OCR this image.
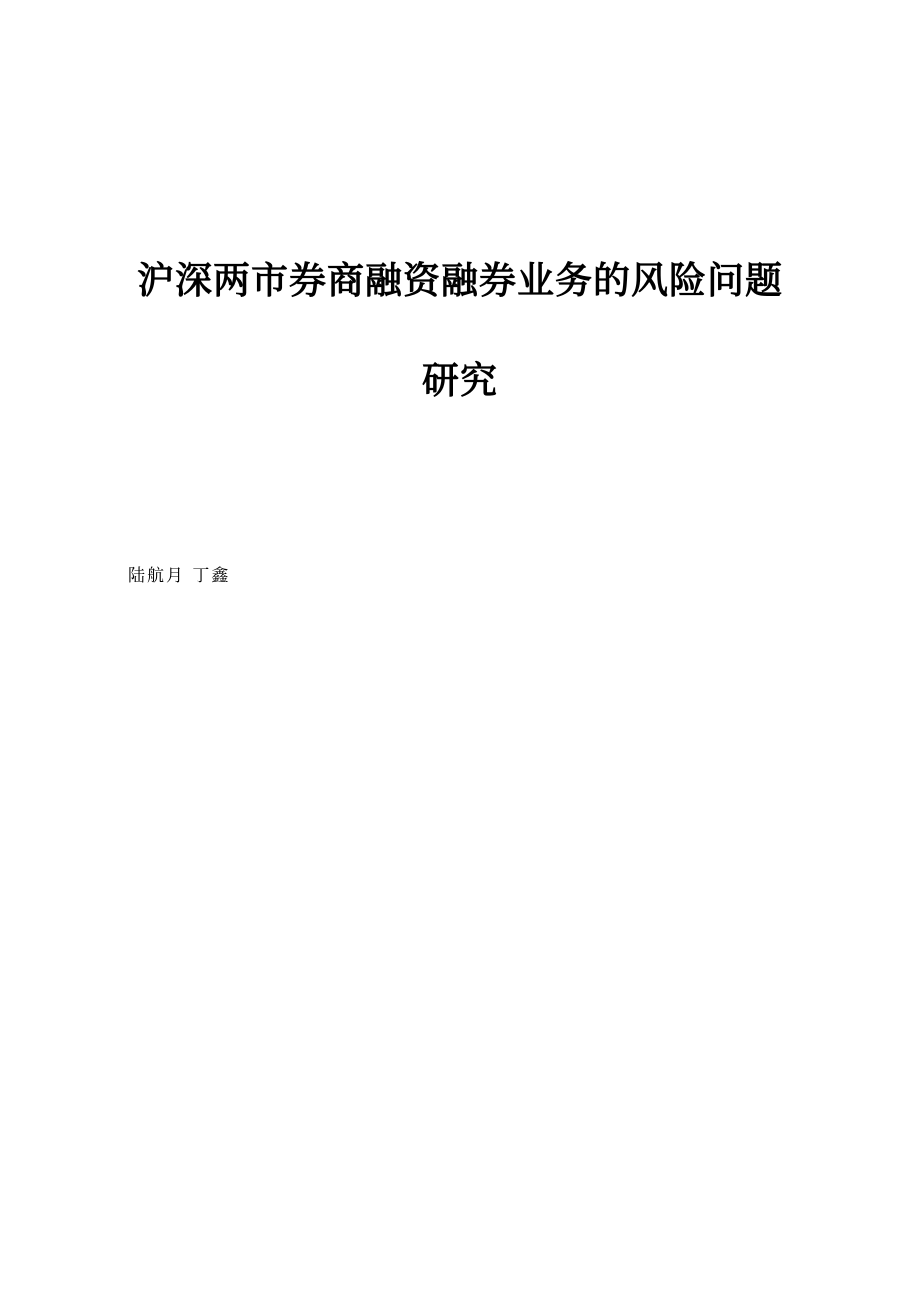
沪深两市券商融资融券业务的风险问题研究
陆航月 丁鑫
